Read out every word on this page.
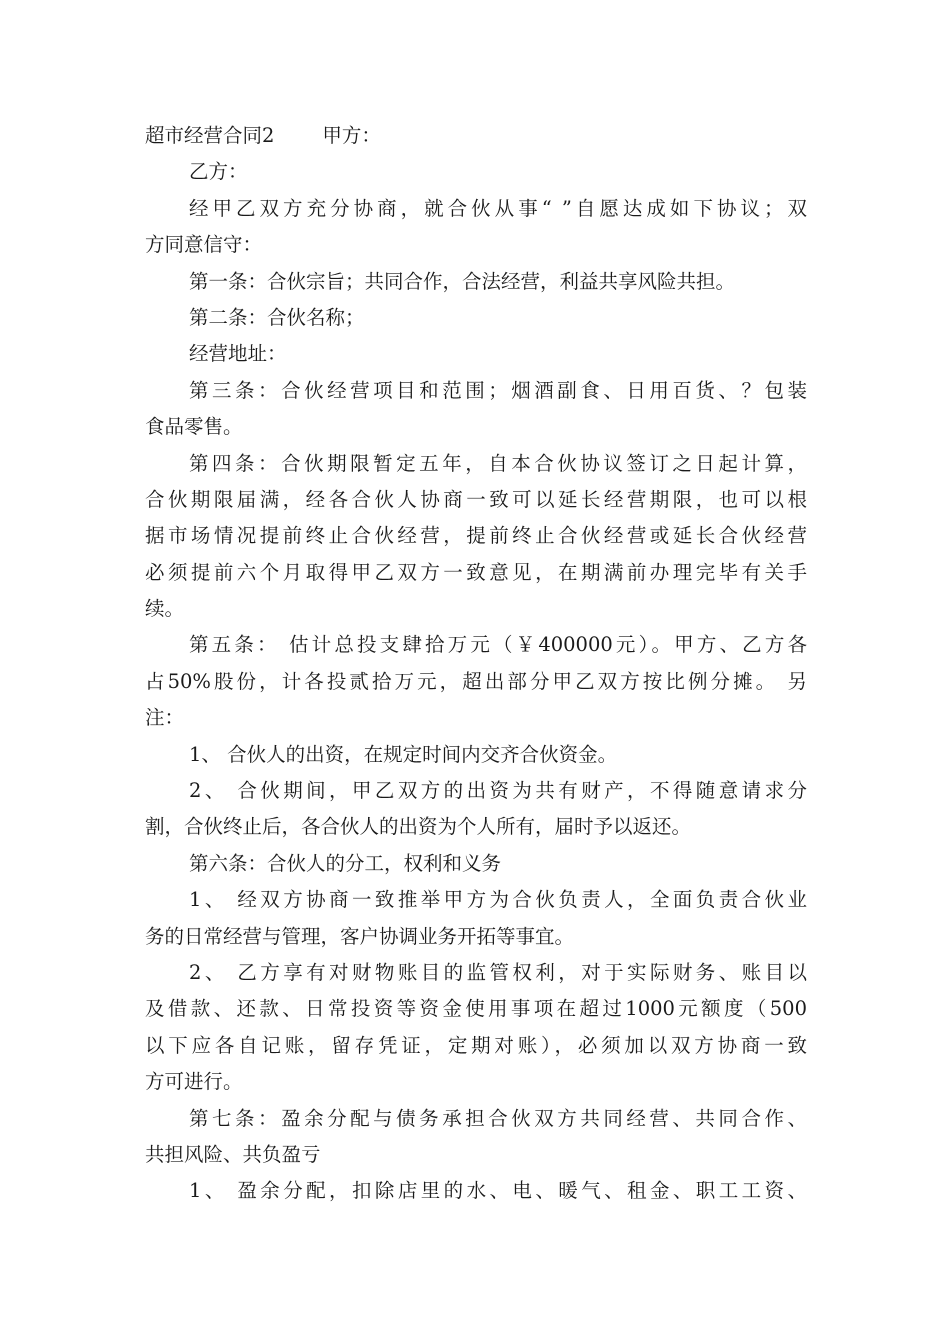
超市经营合同2 甲方：
乙方：
经甲乙双方充分协商，就合伙从事“ ”自愿达成如下协议；双
方同意信守：
第一条：合伙宗旨；共同合作，合法经营，利益共享风险共担。
第二条：合伙名称；
经营地址：
第三条：合伙经营项目和范围；烟酒副食、日用百货、？包装
食品零售。
第四条：合伙期限暂定五年，自本合伙协议签订之日起计算，
合伙期限届满，经各合伙人协商一致可以延长经营期限，也可以根
据市场情况提前终止合伙经营，提前终止合伙经营或延长合伙经营
必须提前六个月取得甲乙双方一致意见，在期满前办理完毕有关手
续。
第五条： 估计总投支肆拾万元（￥400000元）。甲方、乙方各
占50%股份，计各投贰拾万元，超出部分甲乙双方按比例分摊。 另
注：
1、 合伙人的出资，在规定时间内交齐合伙资金。
2、 合伙期间，甲乙双方的出资为共有财产，不得随意请求分
割，合伙终止后，各合伙人的出资为个人所有，届时予以返还。
第六条：合伙人的分工，权利和义务
1、 经双方协商一致推举甲方为合伙负责人，全面负责合伙业
务的日常经营与管理，客户协调业务开拓等事宜。
2、 乙方享有对财物账目的监管权利，对于实际财务、账目以
及借款、还款、日常投资等资金使用事项在超过1000元额度（500
以下应各自记账，留存凭证，定期对账），必须加以双方协商一致
方可进行。
第七条：盈余分配与债务承担合伙双方共同经营、共同合作、
共担风险、共负盈亏
1、 盈余分配，扣除店里的水、电、暖气、租金、职工工资、
